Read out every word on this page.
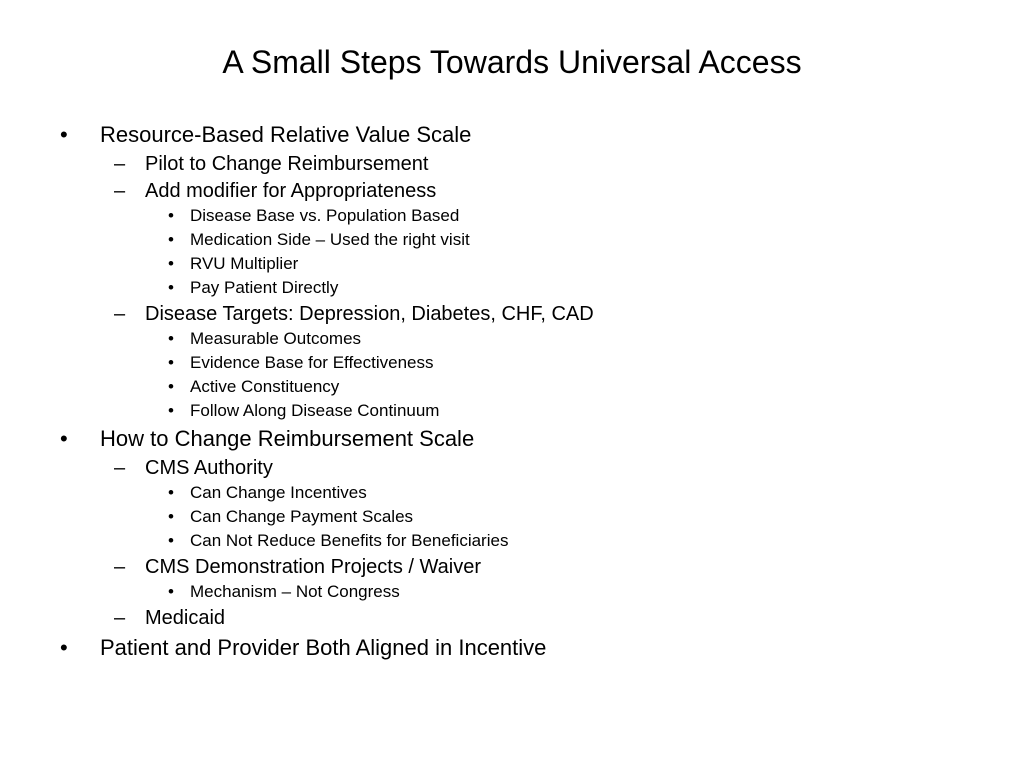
A Small Steps Towards Universal Access
• Resource-Based Relative Value Scale
– Pilot to Change Reimbursement
– Add modifier for Appropriateness
• Disease Base vs. Population Based
• Medication Side – Used the right visit
• RVU Multiplier
• Pay Patient Directly
– Disease Targets: Depression, Diabetes, CHF, CAD
• Measurable Outcomes
• Evidence Base for Effectiveness
• Active Constituency
• Follow Along Disease Continuum
• How to Change Reimbursement Scale
– CMS Authority
• Can Change Incentives
• Can Change Payment Scales
• Can Not Reduce Benefits for Beneficiaries
– CMS Demonstration Projects / Waiver
• Mechanism – Not Congress
– Medicaid
• Patient and Provider Both Aligned in Incentive
